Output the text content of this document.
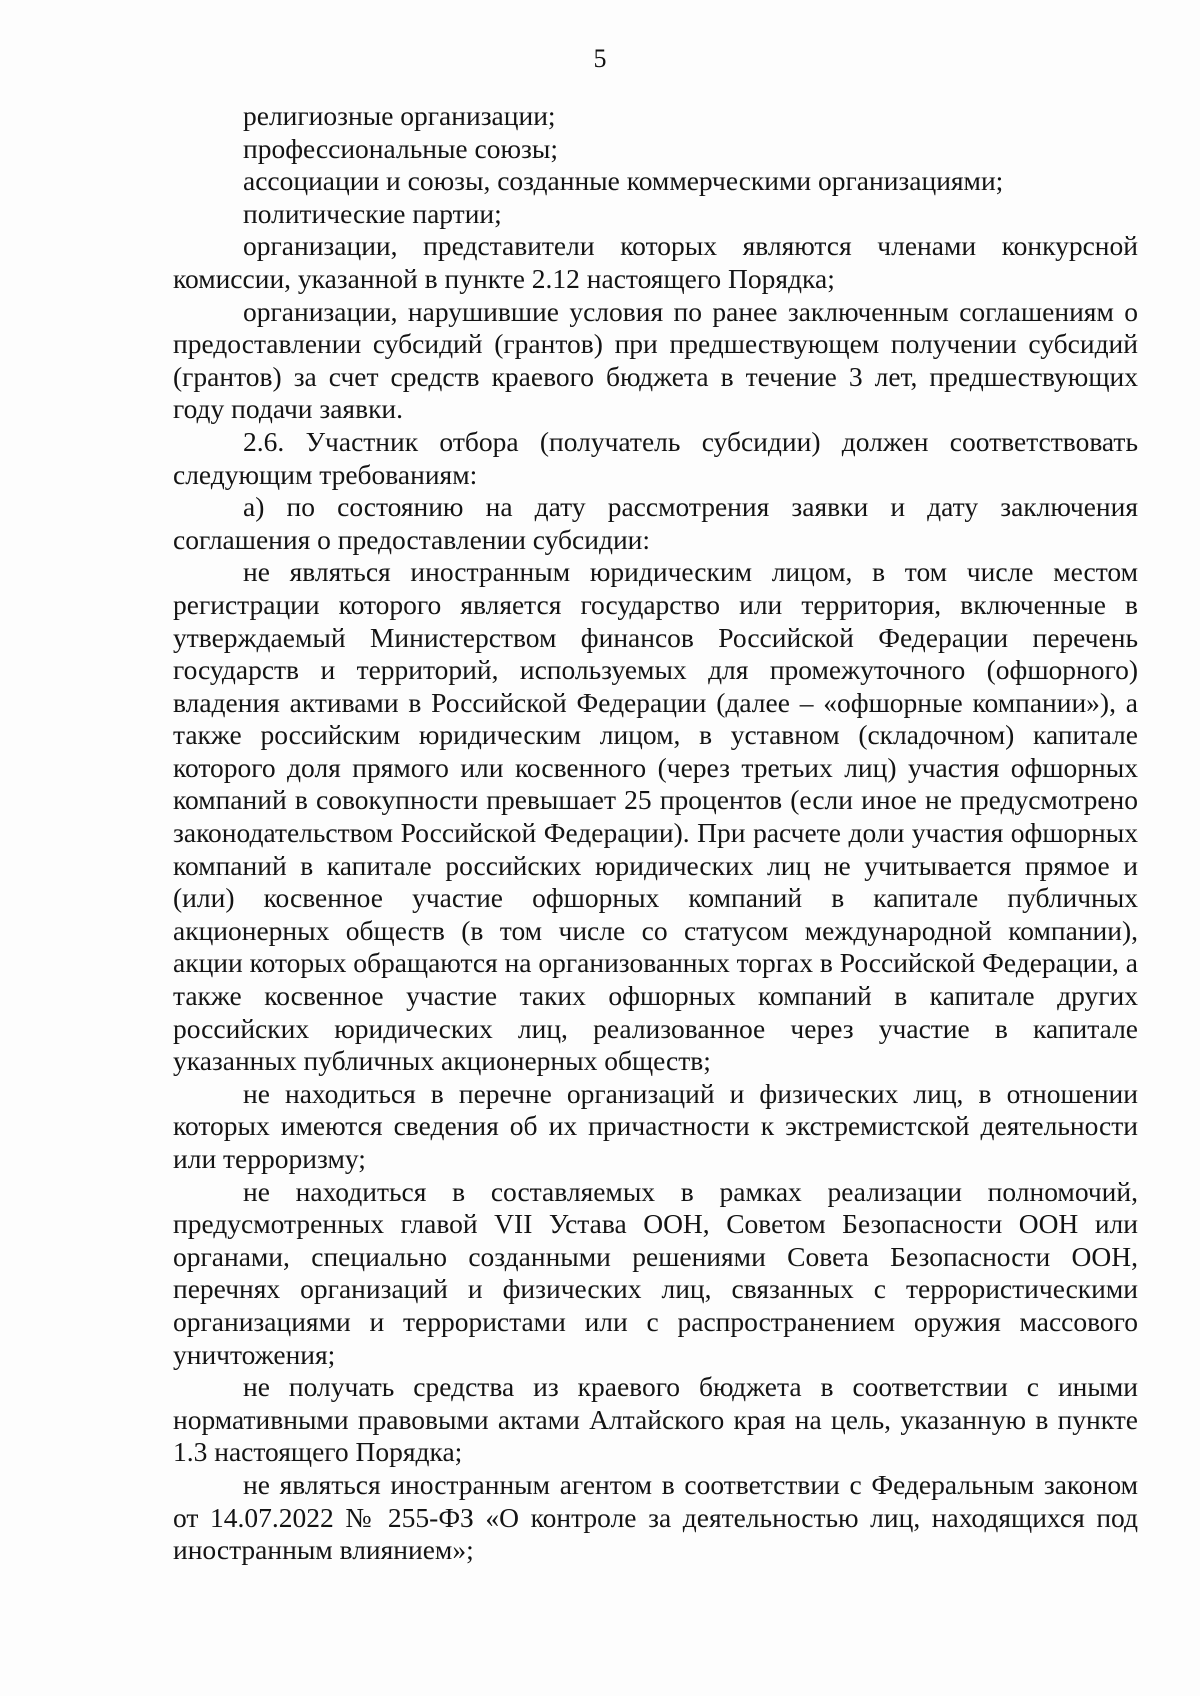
5

религиозные организации;

профессиональные союзы;

ассоциации и союзы, созданные коммерческими организациями;

политические партии;

организации, представители которых являются членами конкурсной комиссии, указанной в пункте 2.12 настоящего Порядка;

организации, нарушившие условия по ранее заключенным соглашениям о предоставлении субсидий (грантов) при предшествующем получении субсидий (грантов) за счет средств краевого бюджета в течение 3 лет, предшествующих году подачи заявки.

2.6. Участник отбора (получатель субсидии) должен соответствовать следующим требованиям:

а) по состоянию на дату рассмотрения заявки и дату заключения соглашения о предоставлении субсидии:

не являться иностранным юридическим лицом, в том числе местом регистрации которого является государство или территория, включенные в утверждаемый Министерством финансов Российской Федерации перечень государств и территорий, используемых для промежуточного (офшорного) владения активами в Российской Федерации (далее – «офшорные компании»), а также российским юридическим лицом, в уставном (складочном) капитале которого доля прямого или косвенного (через третьих лиц) участия офшорных компаний в совокупности превышает 25 процентов (если иное не предусмотрено законодательством Российской Федерации). При расчете доли участия офшорных компаний в капитале российских юридических лиц не учитывается прямое и (или) косвенное участие офшорных компаний в капитале публичных акционерных обществ (в том числе со статусом международной компании), акции которых обращаются на организованных торгах в Российской Федерации, а также косвенное участие таких офшорных компаний в капитале других российских юридических лиц, реализованное через участие в капитале указанных публичных акционерных обществ;

не находиться в перечне организаций и физических лиц, в отношении которых имеются сведения об их причастности к экстремистской деятельности или терроризму;

не находиться в составляемых в рамках реализации полномочий, предусмотренных главой VII Устава ООН, Советом Безопасности ООН или органами, специально созданными решениями Совета Безопасности ООН, перечнях организаций и физических лиц, связанных с террористическими организациями и террористами или с распространением оружия массового уничтожения;

не получать средства из краевого бюджета в соответствии с иными нормативными правовыми актами Алтайского края на цель, указанную в пункте 1.3 настоящего Порядка;

не являться иностранным агентом в соответствии с Федеральным законом от 14.07.2022 № 255-ФЗ «О контроле за деятельностью лиц, находящихся под иностранным влиянием»;
